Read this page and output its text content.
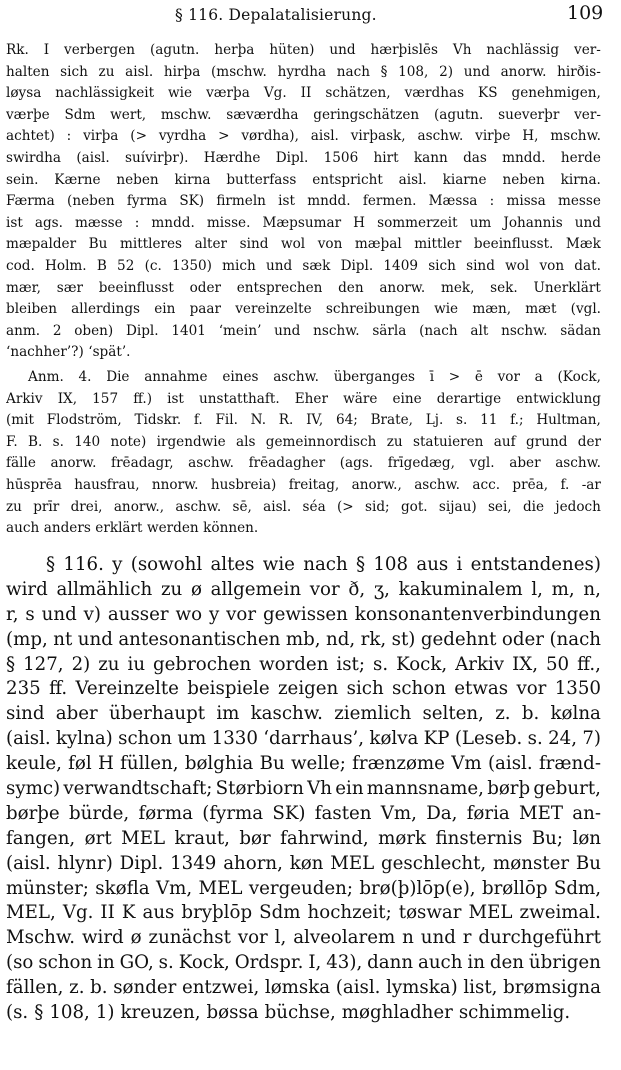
§ 116. Depalatalisierung.	109
Rk. I verbergen (agutn. herþa hüten) und hærþislēs Vh nachlässig ver-
halten sich zu aisl. hirþa (mschw. hyrdha nach § 108, 2) und anorw. hirðis-
løysa nachlässigkeit wie værþa Vg. II schätzen, værdhas KS genehmigen,
værþe Sdm wert, mschw. sæværdha geringschätzen (agutn. sueverþr ver-
achtet) : virþa (> vyrdha > vørdha), aisl. virþask, aschw. virþe H, mschw.
swirdha (aisl. suívirþr). Hærdhe Dipl. 1506 hirt kann das mndd. herde
sein. Kærne neben kirna butterfass entspricht aisl. kiarne neben kirna.
Færma (neben fyrma SK) firmeln ist mndd. fermen. Mæssa : missa messe
ist ags. mæsse : mndd. misse. Mæpsumar H sommerzeit um Johannis und
mæpalder Bu mittleres alter sind wol von mæþal mittler beeinflusst. Mæk
cod. Holm. B 52 (c. 1350) mich und sæk Dipl. 1409 sich sind wol von dat.
mær, sær beeinflusst oder entsprechen den anorw. mek, sek. Unerklärt
bleiben allerdings ein paar vereinzelte schreibungen wie mæn, mæt (vgl.
anm. 2 oben) Dipl. 1401 ‘mein’ und nschw. särla (nach alt nschw. sädan
‘nachher’?) ‘spät’.
Anm. 4. Die annahme eines aschw. überganges ī > ē vor a (Kock,
Arkiv IX, 157 ff.) ist unstatthaft. Eher wäre eine derartige entwicklung
(mit Flodström, Tidskr. f. Fil. N. R. IV, 64; Brate, Lj. s. 11 f.; Hultman,
F. B. s. 140 note) irgendwie als gemeinnordisch zu statuieren auf grund der
fälle anorw. frēadagr, aschw. frēadagher (ags. frīgedæg, vgl. aber aschw.
hūsprēa hausfrau, nnorw. husbreia) freitag, anorw., aschw. acc. prēa, f. -ar
zu prīr drei, anorw., aschw. sē, aisl. séa (> sid; got. sijau) sei, die jedoch
auch anders erklärt werden können.
§ 116. y (sowohl altes wie nach § 108 aus i entstandenes)
wird allmählich zu ø allgemein vor ð, ʒ, kakuminalem l, m, n,
r, s und v) ausser wo y vor gewissen konsonantenverbindungen
(mp, nt und antesonantischen mb, nd, rk, st) gedehnt oder (nach
§ 127, 2) zu iu gebrochen worden ist; s. Kock, Arkiv IX, 50 ff.,
235 ff. Vereinzelte beispiele zeigen sich schon etwas vor 1350
sind aber überhaupt im kaschw. ziemlich selten, z. b. kølna
(aisl. kylna) schon um 1330 ‘darrhaus’, kølva KP (Leseb. s. 24, 7)
keule, føl H füllen, bølghia Bu welle; frænzøme Vm (aisl. frænd-
symc) verwandtschaft; Størbiorn Vh ein mannsname, børþ geburt,
børþe bürde, førma (fyrma SK) fasten Vm, Da, føria MET an-
fangen, ørt MEL kraut, bør fahrwind, mørk finsternis Bu; løn
(aisl. hlynr) Dipl. 1349 ahorn, køn MEL geschlecht, mønster Bu
münster; skøfla Vm, MEL vergeuden; brø(þ)lōp(e), brøllōp Sdm,
MEL, Vg. II K aus bryþlōp Sdm hochzeit; tøswar MEL zweimal.
Mschw. wird ø zunächst vor l, alveolarem n und r durchgeführt
(so schon in GO, s. Kock, Ordspr. I, 43), dann auch in den übrigen
fällen, z. b. sønder entzwei, lømska (aisl. lymska) list, brømsigna
(s. § 108, 1) kreuzen, bøssa büchse, møghladher schimmelig.
